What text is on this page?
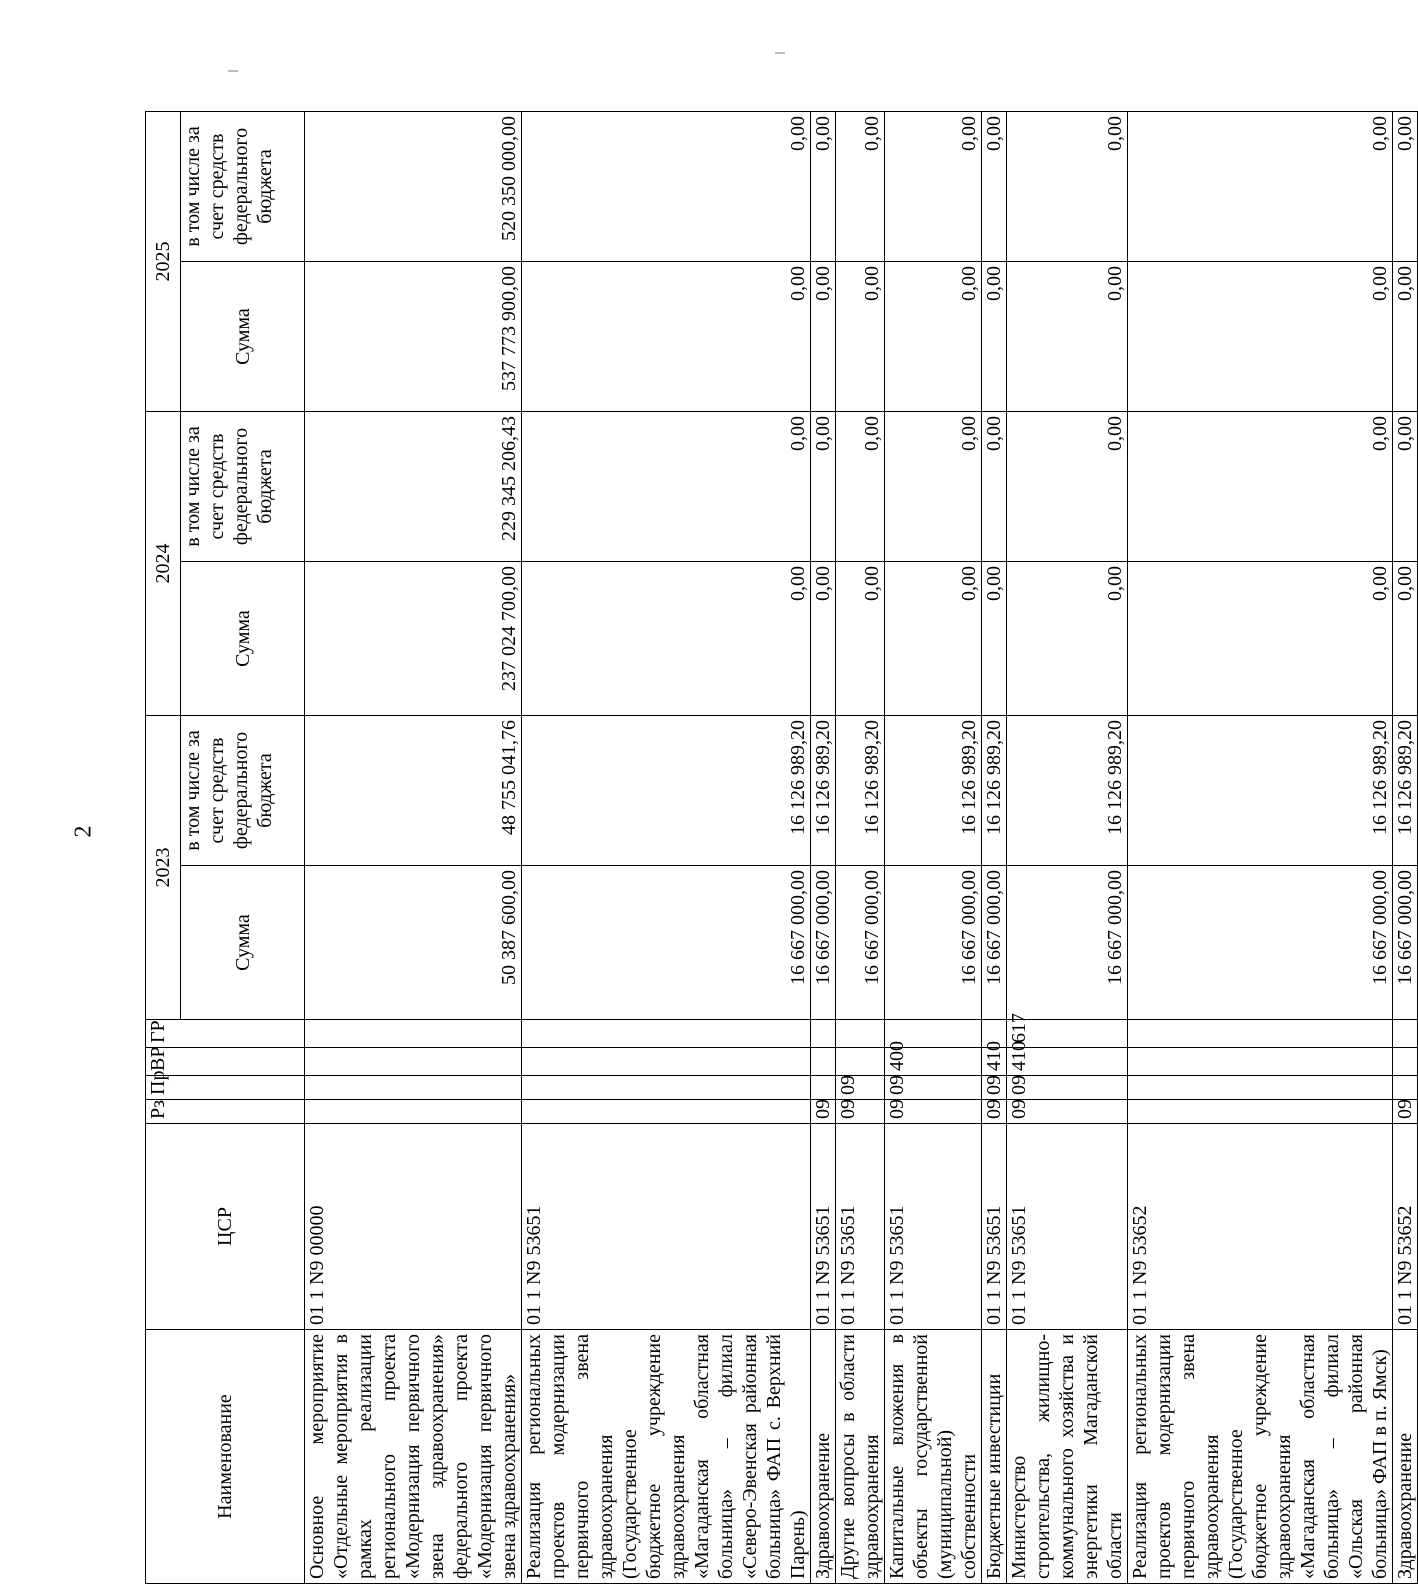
2
Наименование	ЦСР	Рз	Пр	ВР	ГР	2023		2024		2025	
						Сумма	в том числе за счет средств федерального бюджета	Сумма	в том числе за счет средств федерального бюджета	Сумма	в том числе за счет средств федерального бюджета
Основное мероприятие «Отдельные мероприятия в рамках реализации регионального проекта «Модернизация первичного звена здравоохранения» федерального проекта «Модернизация первичного звена здравоохранения»	01 1 N9 00000					50 387 600,00	48 755 041,76	237 024 700,00	229 345 206,43	537 773 900,00	520 350 000,00
Реализация региональных проектов модернизации первичного звена здравоохранения (Государственное бюджетное учреждение здравоохранения «Магаданская областная больница» – филиал «Северо-Эвенская районная больница» ФАП с. Верхний Парень)	01 1 N9 53651					16 667 000,00	16 126 989,20	0,00	0,00	0,00	0,00
Здравоохранение	01 1 N9 53651	09				16 667 000,00	16 126 989,20	0,00	0,00	0,00	0,00
Другие вопросы в области здравоохранения	01 1 N9 53651	09	09			16 667 000,00	16 126 989,20	0,00	0,00	0,00	0,00
Капитальные вложения в объекты государственной (муниципальной) собственности	01 1 N9 53651	09	09	400		16 667 000,00	16 126 989,20	0,00	0,00	0,00	0,00
Бюджетные инвестиции	01 1 N9 53651	09	09	410		16 667 000,00	16 126 989,20	0,00	0,00	0,00	0,00
Министерство строительства, жилищно-коммунального хозяйства и энергетики Магаданской области	01 1 N9 53651	09	09	410	617	16 667 000,00	16 126 989,20	0,00	0,00	0,00	0,00
Реализация региональных проектов модернизации первичного звена здравоохранения (Государственное бюджетное учреждение здравоохранения «Магаданская областная больница» – филиал «Ольская районная больница» ФАП в п. Ямск)	01 1 N9 53652					16 667 000,00	16 126 989,20	0,00	0,00	0,00	0,00
Здравоохранение	01 1 N9 53652	09				16 667 000,00	16 126 989,20	0,00	0,00	0,00	0,00
